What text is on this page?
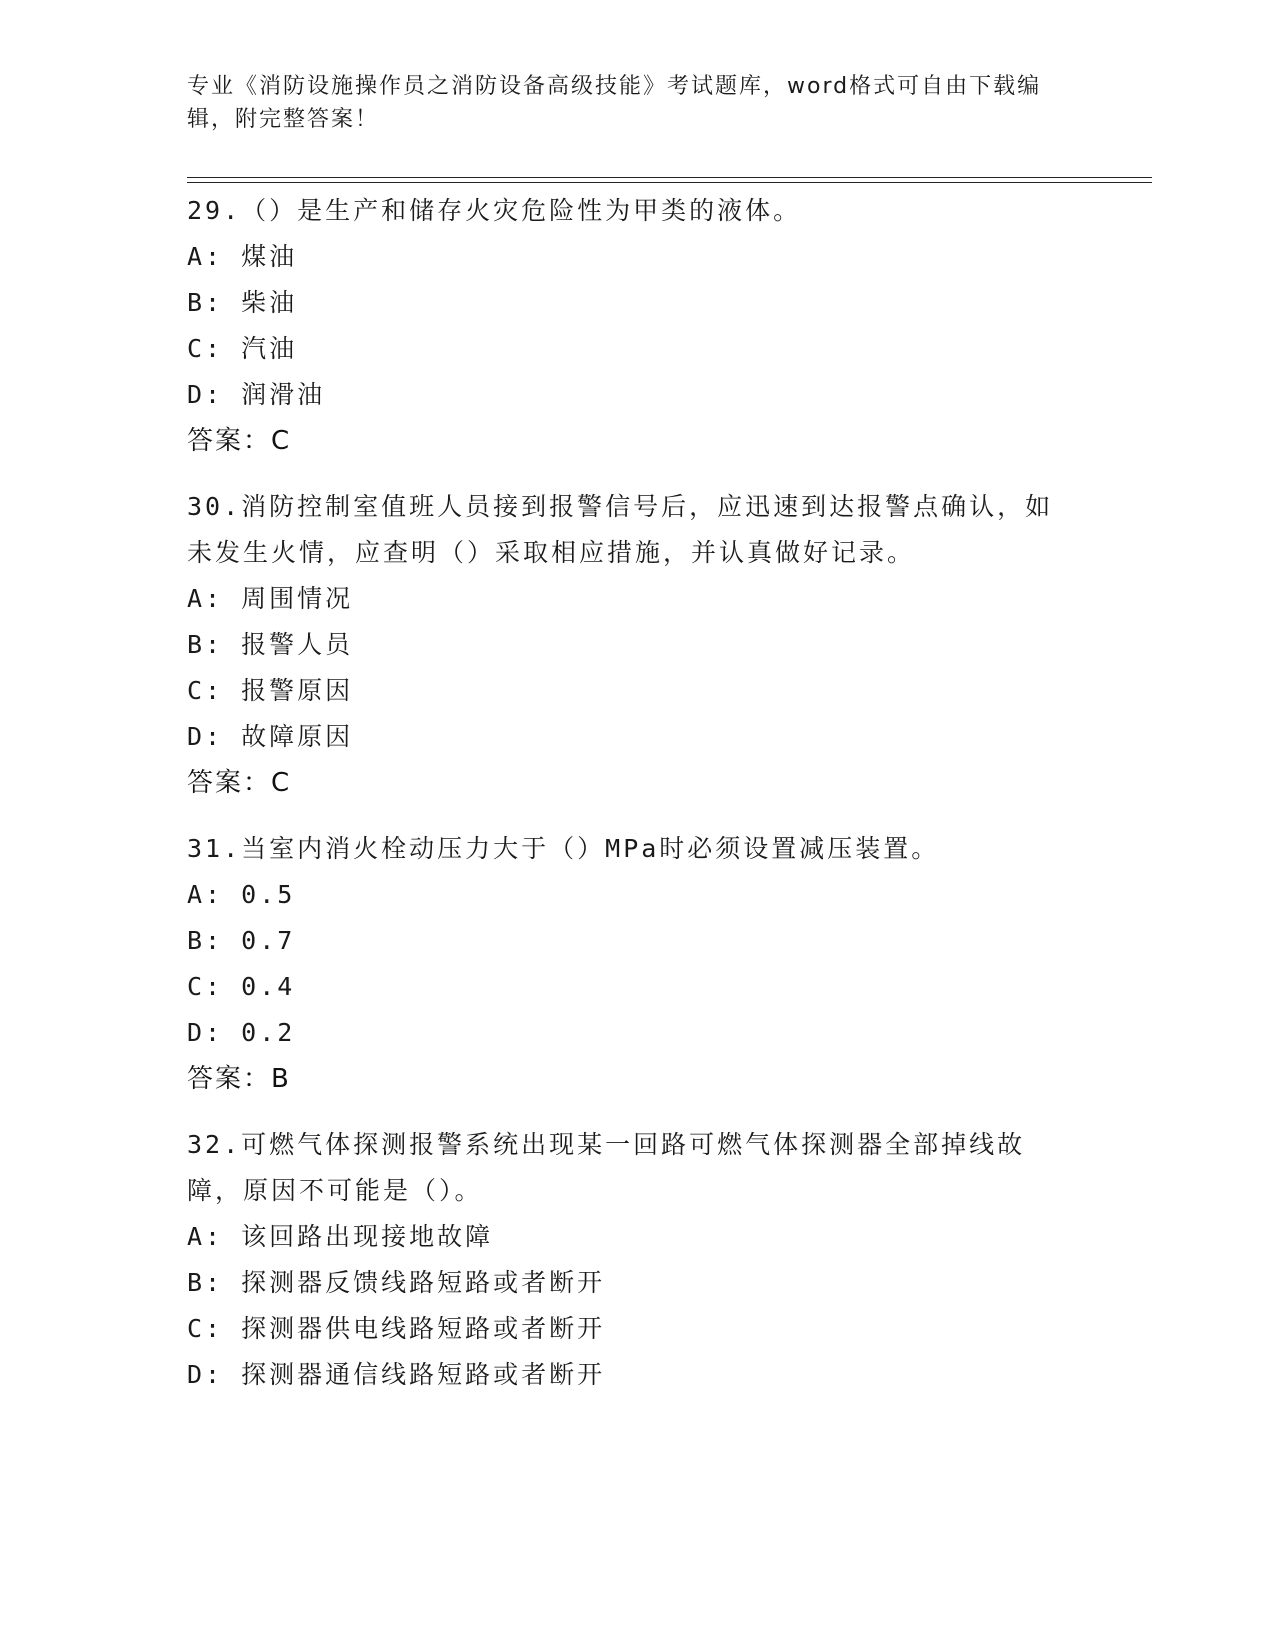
专业《消防设施操作员之消防设备高级技能》考试题库，word格式可自由下载编辑，附完整答案！
29.（）是生产和储存火灾危险性为甲类的液体。
A: 煤油
B: 柴油
C: 汽油
D: 润滑油
答案：C
30.消防控制室值班人员接到报警信号后，应迅速到达报警点确认，如未发生火情，应查明（）采取相应措施，并认真做好记录。
A: 周围情况
B: 报警人员
C: 报警原因
D: 故障原因
答案：C
31.当室内消火栓动压力大于（）MPa时必须设置减压装置。
A: 0.5
B: 0.7
C: 0.4
D: 0.2
答案：B
32.可燃气体探测报警系统出现某一回路可燃气体探测器全部掉线故障，原因不可能是（）。
A: 该回路出现接地故障
B: 探测器反馈线路短路或者断开
C: 探测器供电线路短路或者断开
D: 探测器通信线路短路或者断开
